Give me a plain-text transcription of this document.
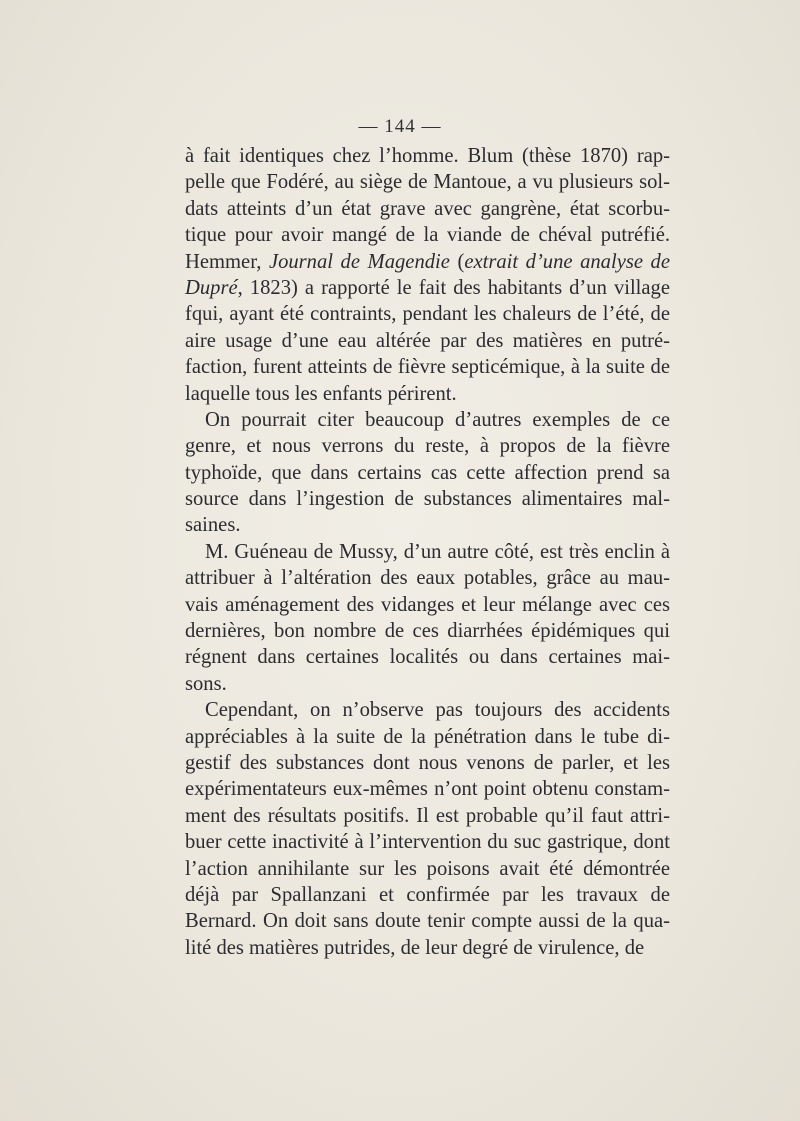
— 144 —
à fait identiques chez l’homme. Blum (thèse 1870) rap-
pelle que Fodéré, au siège de Mantoue, a vu plusieurs sol-
dats atteints d’un état grave avec gangrène, état scorbu-
tique pour avoir mangé de la viande de chéval putréfié.
Hemmer, Journal de Magendie (extrait d’une analyse de
Dupré, 1823) a rapporté le fait des habitants d’un village
fqui, ayant été contraints, pendant les chaleurs de l’été, de
aire usage d’une eau altérée par des matières en putré-
faction, furent atteints de fièvre septicémique, à la suite de
laquelle tous les enfants périrent.
On pourrait citer beaucoup d’autres exemples de ce
genre, et nous verrons du reste, à propos de la fièvre
typhoïde, que dans certains cas cette affection prend sa
source dans l’ingestion de substances alimentaires mal-
saines.
M. Guéneau de Mussy, d’un autre côté, est très enclin à
attribuer à l’altération des eaux potables, grâce au mau-
vais aménagement des vidanges et leur mélange avec ces
dernières, bon nombre de ces diarrhées épidémiques qui
régnent dans certaines localités ou dans certaines mai-
sons.
Cependant, on n’observe pas toujours des accidents
appréciables à la suite de la pénétration dans le tube di-
gestif des substances dont nous venons de parler, et les
expérimentateurs eux-mêmes n’ont point obtenu constam-
ment des résultats positifs. Il est probable qu’il faut attri-
buer cette inactivité à l’intervention du suc gastrique, dont
l’action annihilante sur les poisons avait été démontrée
déjà par Spallanzani et confirmée par les travaux de
Bernard. On doit sans doute tenir compte aussi de la qua-
lité des matières putrides, de leur degré de virulence, de
